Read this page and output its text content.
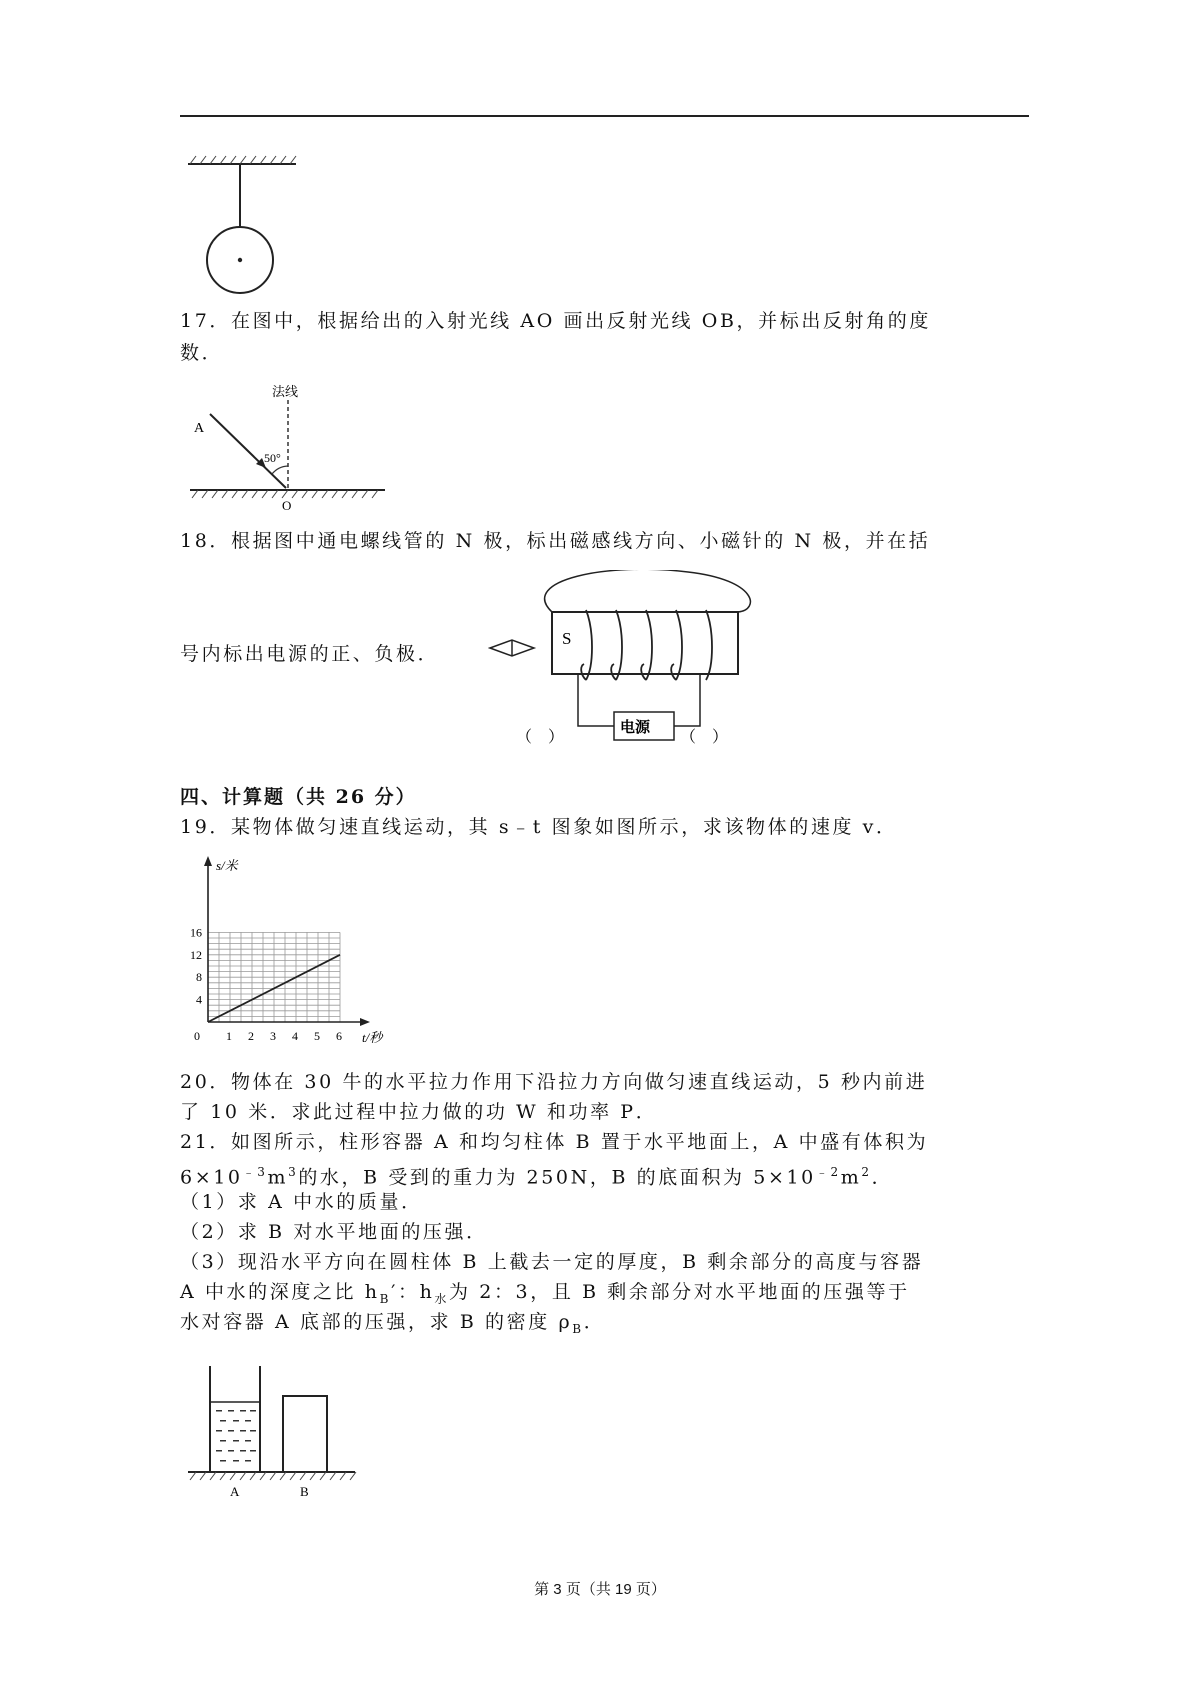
17．在图中，根据给出的入射光线 AO 画出反射光线 OB，并标出反射角的度
数．
法线
A
50°
O
18．根据图中通电螺线管的 N 极，标出磁感线方向、小磁针的 N 极，并在括
号内标出电源的正、负极．
S
电源
（　）	（　）
四、计算题（共 26 分）
19．某物体做匀速直线运动，其 s﹣t 图象如图所示，求该物体的速度 v．
s/米
t/秒
0 1 2 3 4 5 6
4
8
12
16
20．物体在 30 牛的水平拉力作用下沿拉力方向做匀速直线运动，5 秒内前进
了 10 米．求此过程中拉力做的功 W 和功率 P．
21．如图所示，柱形容器 A 和均匀柱体 B 置于水平地面上，A 中盛有体积为
$6\times 10^{﹣3}m^3$的水，B 受到的重力为 250N，B 的底面积为 $5\times 10^{﹣2}m^2$．
（1）求 A 中水的质量．
（2）求 B 对水平地面的压强．
（3）现沿水平方向在圆柱体 B 上截去一定的厚度，B 剩余部分的高度与容器
A 中水的深度之比 $h_B'$：$h_水$为 2：3，且 B 剩余部分对水平地面的压强等于
水对容器 A 底部的压强，求 B 的密度 $\rho_B$．
A	B
第 3 页（共 19 页）
